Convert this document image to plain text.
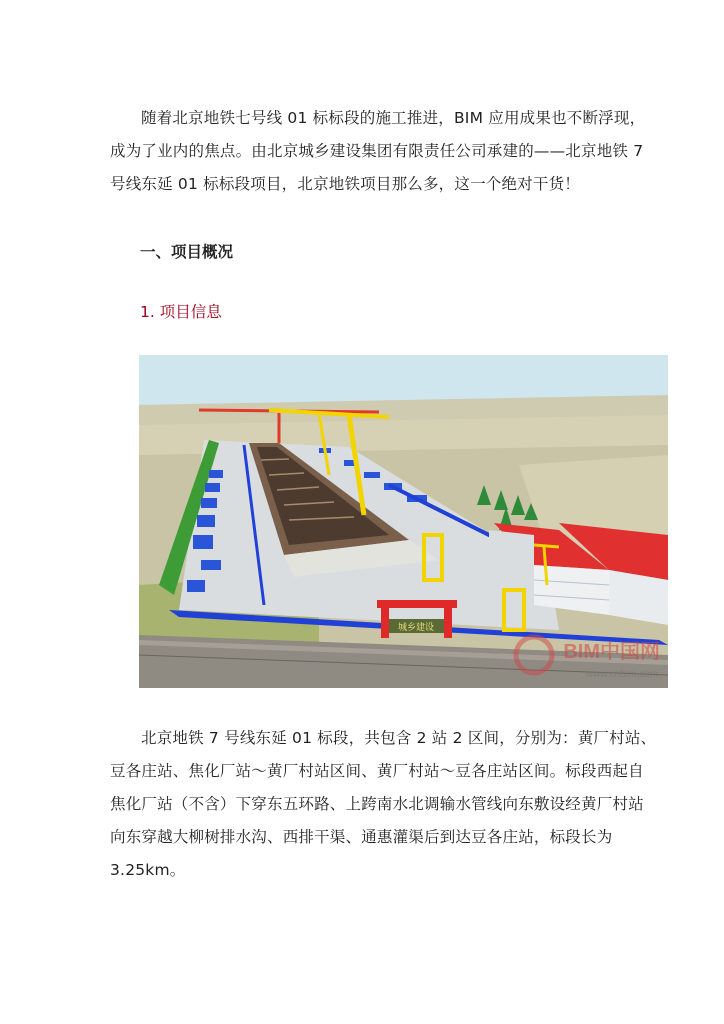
随着北京地铁七号线 01 标标段的施工推进，BIM 应用成果也不断浮现，
成为了业内的焦点。由北京城乡建设集团有限责任公司承建的——北京地铁 7
号线东延 01 标标段项目，北京地铁项目那么多，这一个绝对干货！
一、项目概况
1. 项目信息
城乡建设
BIM中国网
www.cnbim.com
北京地铁 7 号线东延 01 标段，共包含 2 站 2 区间，分别为：黄厂村站、
豆各庄站、焦化厂站～黄厂村站区间、黄厂村站～豆各庄站区间。标段西起自
焦化厂站（不含）下穿东五环路、上跨南水北调输水管线向东敷设经黄厂村站
向东穿越大柳树排水沟、西排干渠、通惠灌渠后到达豆各庄站，标段长为
3.25km。
